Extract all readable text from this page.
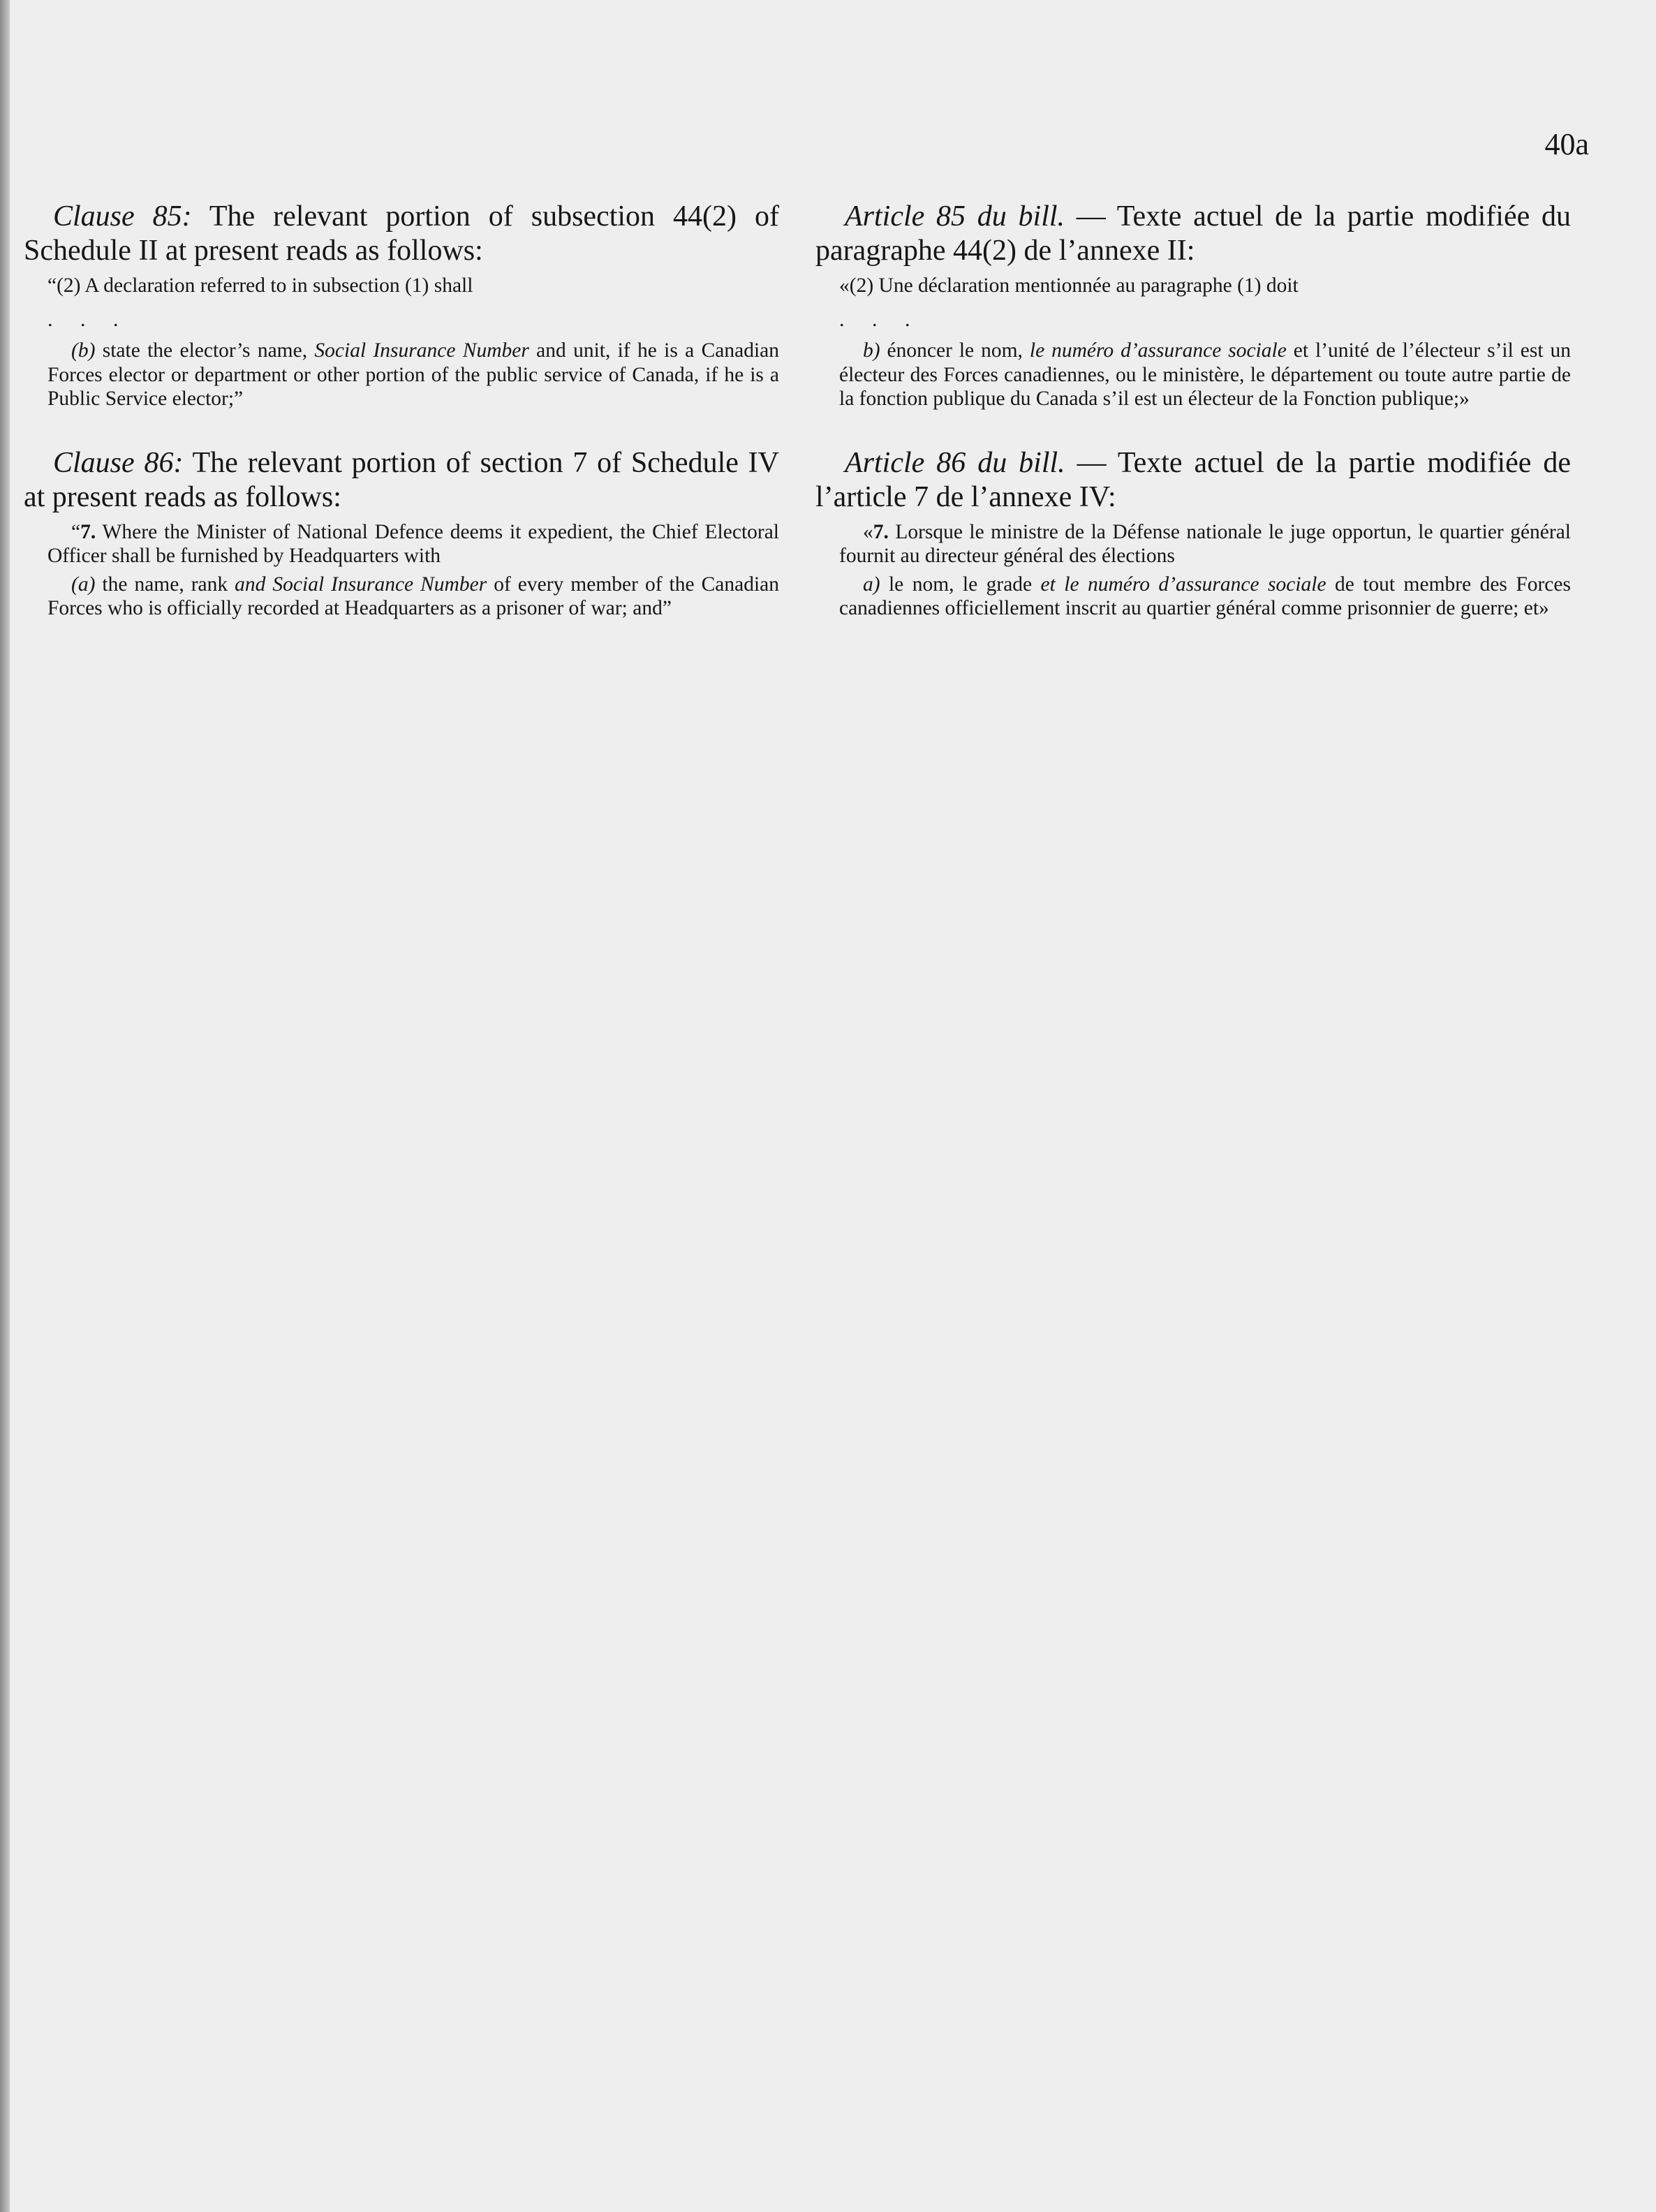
40a

Clause 85: The relevant portion of subsection 44(2) of Schedule II at present reads as follows:

“(2) A declaration referred to in subsection (1) shall

. . .

(b) state the elector’s name, Social Insurance Number and unit, if he is a Canadian Forces elector or department or other portion of the public service of Canada, if he is a Public Service elector;”

Clause 86: The relevant portion of section 7 of Schedule IV at present reads as follows:

“7. Where the Minister of National Defence deems it expedient, the Chief Electoral Officer shall be furnished by Headquarters with

(a) the name, rank and Social Insurance Number of every member of the Canadian Forces who is officially recorded at Headquarters as a prisoner of war; and”

Article 85 du bill. — Texte actuel de la partie modifiée du paragraphe 44(2) de l’annexe II:

«(2) Une déclaration mentionnée au paragraphe (1) doit

. . .

b) énoncer le nom, le numéro d’assurance sociale et l’unité de l’électeur s’il est un électeur des Forces canadiennes, ou le ministère, le département ou toute autre partie de la fonction publique du Canada s’il est un électeur de la Fonction publique;»

Article 86 du bill. — Texte actuel de la partie modifiée de l’article 7 de l’annexe IV:

«7. Lorsque le ministre de la Défense nationale le juge opportun, le quartier général fournit au directeur général des élections

a) le nom, le grade et le numéro d’assurance sociale de tout membre des Forces canadiennes officiellement inscrit au quartier général comme prisonnier de guerre; et»
